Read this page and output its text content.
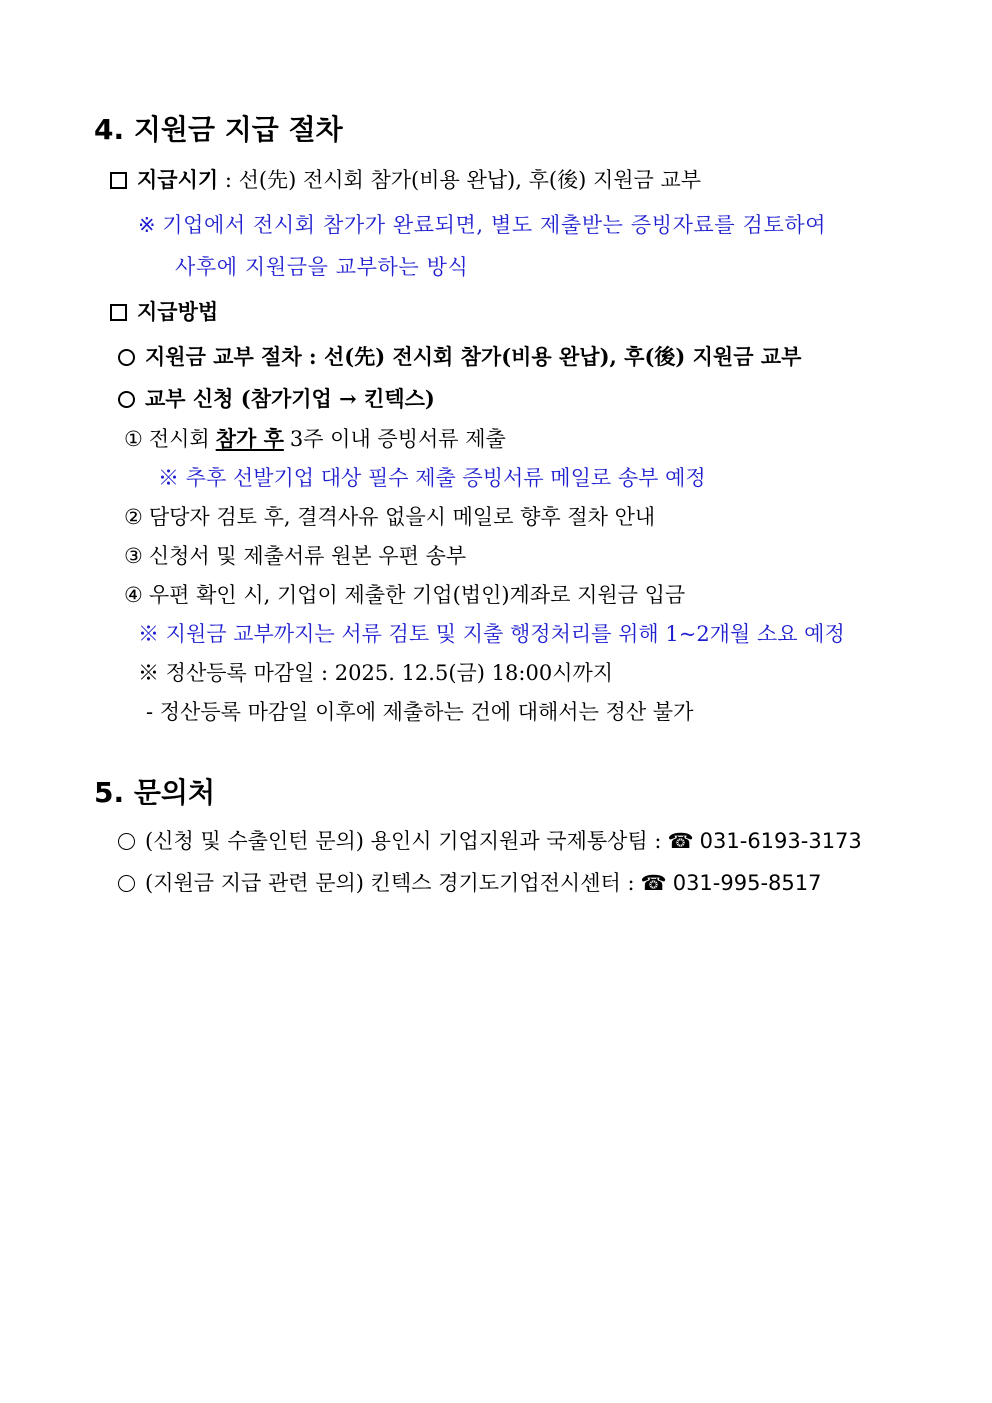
4. 지원금 지급 절차
지급시기 : 선(先) 전시회 참가(비용 완납), 후(後) 지원금 교부
※ 기업에서 전시회 참가가 완료되면, 별도 제출받는 증빙자료를 검토하여
사후에 지원금을 교부하는 방식
지급방법
지원금 교부 절차 : 선(先) 전시회 참가(비용 완납), 후(後) 지원금 교부
교부 신청 (참가기업 → 킨텍스)
① 전시회 참가 후 3주 이내 증빙서류 제출
※ 추후 선발기업 대상 필수 제출 증빙서류 메일로 송부 예정
② 담당자 검토 후, 결격사유 없을시 메일로 향후 절차 안내
③ 신청서 및 제출서류 원본 우편 송부
④ 우편 확인 시, 기업이 제출한 기업(법인)계좌로 지원금 입금
※ 지원금 교부까지는 서류 검토 및 지출 행정처리를 위해 1~2개월 소요 예정
※ 정산등록 마감일 : 2025. 12.5(금) 18:00시까지
- 정산등록 마감일 이후에 제출하는 건에 대해서는 정산 불가
5. 문의처
(신청 및 수출인턴 문의) 용인시 기업지원과 국제통상팀 : ☎ 031-6193-3173
(지원금 지급 관련 문의) 킨텍스 경기도기업전시센터 : ☎ 031-995-8517
